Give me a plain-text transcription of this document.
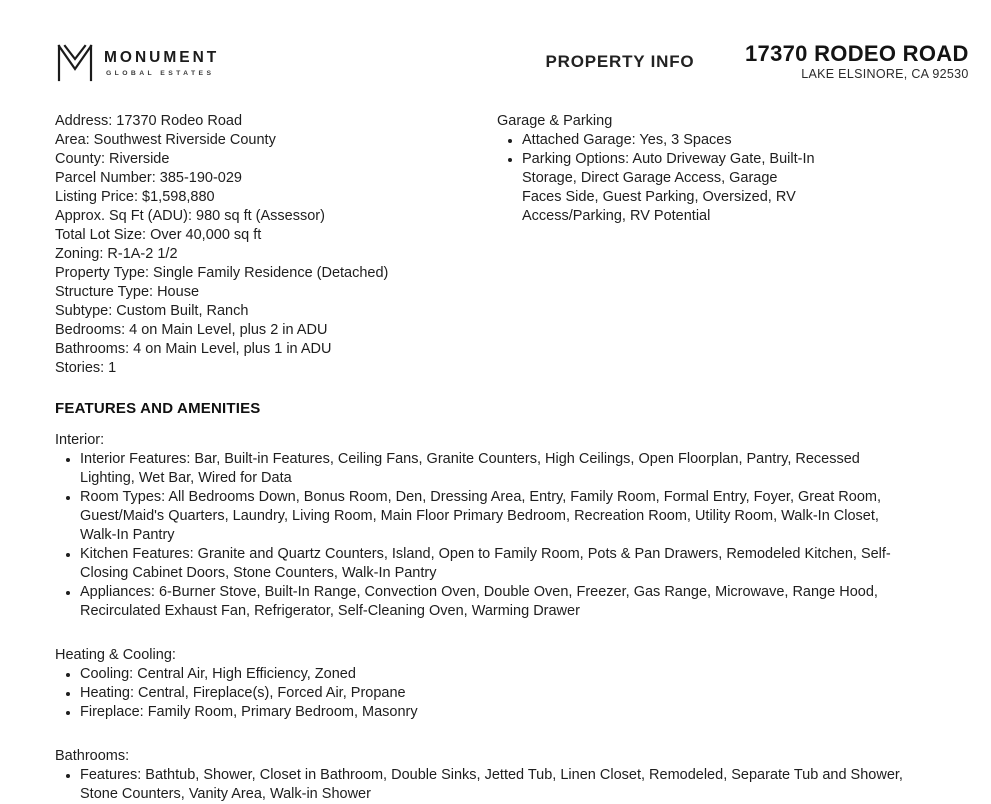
MONUMENT
GLOBAL ESTATES
PROPERTY INFO	17370 RODEO ROAD
LAKE ELSINORE, CA 92530
Address: 17370 Rodeo Road
Area: Southwest Riverside County
County: Riverside
Parcel Number: 385-190-029
Listing Price: $1,598,880
Approx. Sq Ft (ADU): 980 sq ft (Assessor)
Total Lot Size: Over 40,000 sq ft
Zoning: R-1A-2 1/2
Property Type: Single Family Residence (Detached)
Structure Type: House
Subtype: Custom Built, Ranch
Bedrooms: 4 on Main Level, plus 2 in ADU
Bathrooms: 4 on Main Level, plus 1 in ADU
Stories: 1
Garage & Parking
• Attached Garage: Yes, 3 Spaces
• Parking Options: Auto Driveway Gate, Built-In Storage, Direct Garage Access, Garage Faces Side, Guest Parking, Oversized, RV Access/Parking, RV Potential
FEATURES AND AMENITIES
Interior:
• Interior Features: Bar, Built-in Features, Ceiling Fans, Granite Counters, High Ceilings, Open Floorplan, Pantry, Recessed Lighting, Wet Bar, Wired for Data
• Room Types: All Bedrooms Down, Bonus Room, Den, Dressing Area, Entry, Family Room, Formal Entry, Foyer, Great Room, Guest/Maid's Quarters, Laundry, Living Room, Main Floor Primary Bedroom, Recreation Room, Utility Room, Walk-In Closet, Walk-In Pantry
• Kitchen Features: Granite and Quartz Counters, Island, Open to Family Room, Pots & Pan Drawers, Remodeled Kitchen, Self-Closing Cabinet Doors, Stone Counters, Walk-In Pantry
• Appliances: 6-Burner Stove, Built-In Range, Convection Oven, Double Oven, Freezer, Gas Range, Microwave, Range Hood, Recirculated Exhaust Fan, Refrigerator, Self-Cleaning Oven, Warming Drawer
Heating & Cooling:
• Cooling: Central Air, High Efficiency, Zoned
• Heating: Central, Fireplace(s), Forced Air, Propane
• Fireplace: Family Room, Primary Bedroom, Masonry
Bathrooms:
• Features: Bathtub, Shower, Closet in Bathroom, Double Sinks, Jetted Tub, Linen Closet, Remodeled, Separate Tub and Shower, Stone Counters, Vanity Area, Walk-in Shower
